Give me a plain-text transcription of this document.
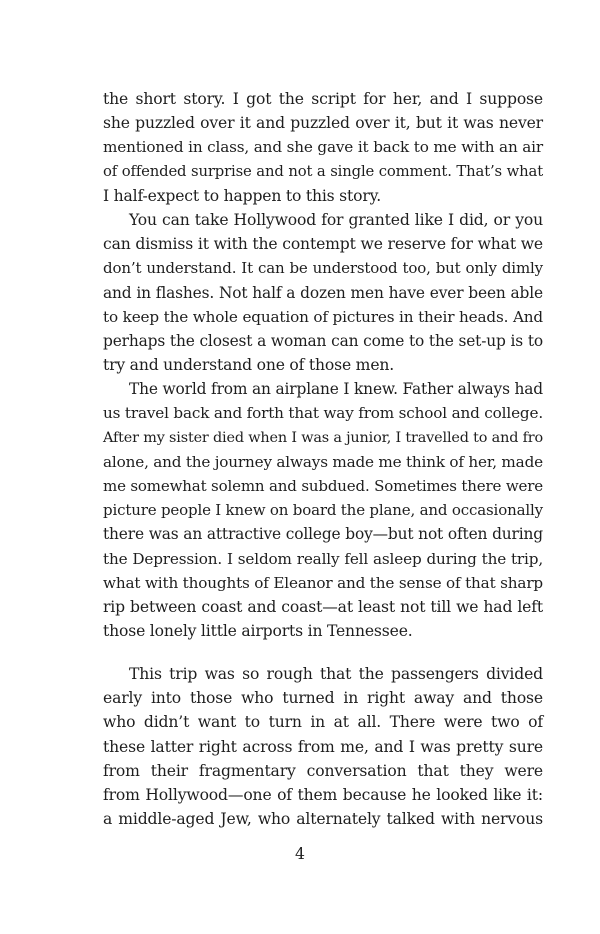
the short story. I got the script for her, and I suppose
she puzzled over it and puzzled over it, but it was never
mentioned in class, and she gave it back to me with an air
of offended surprise and not a single comment. That’s what
I half-expect to happen to this story.
You can take Hollywood for granted like I did, or you
can dismiss it with the contempt we reserve for what we
don’t understand. It can be understood too, but only dimly
and in flashes. Not half a dozen men have ever been able
to keep the whole equation of pictures in their heads. And
perhaps the closest a woman can come to the set-up is to
try and understand one of those men.
The world from an airplane I knew. Father always had
us travel back and forth that way from school and college.
After my sister died when I was a junior, I travelled to and fro
alone, and the journey always made me think of her, made
me somewhat solemn and subdued. Sometimes there were
picture people I knew on board the plane, and occasionally
there was an attractive college boy—but not often during
the Depression. I seldom really fell asleep during the trip,
what with thoughts of Eleanor and the sense of that sharp
rip between coast and coast—at least not till we had left
those lonely little airports in Tennessee.
This trip was so rough that the passengers divided
early into those who turned in right away and those
who didn’t want to turn in at all. There were two of
these latter right across from me, and I was pretty sure
from their fragmentary conversation that they were
from Hollywood—one of them because he looked like it:
a middle-aged Jew, who alternately talked with nervous
4
